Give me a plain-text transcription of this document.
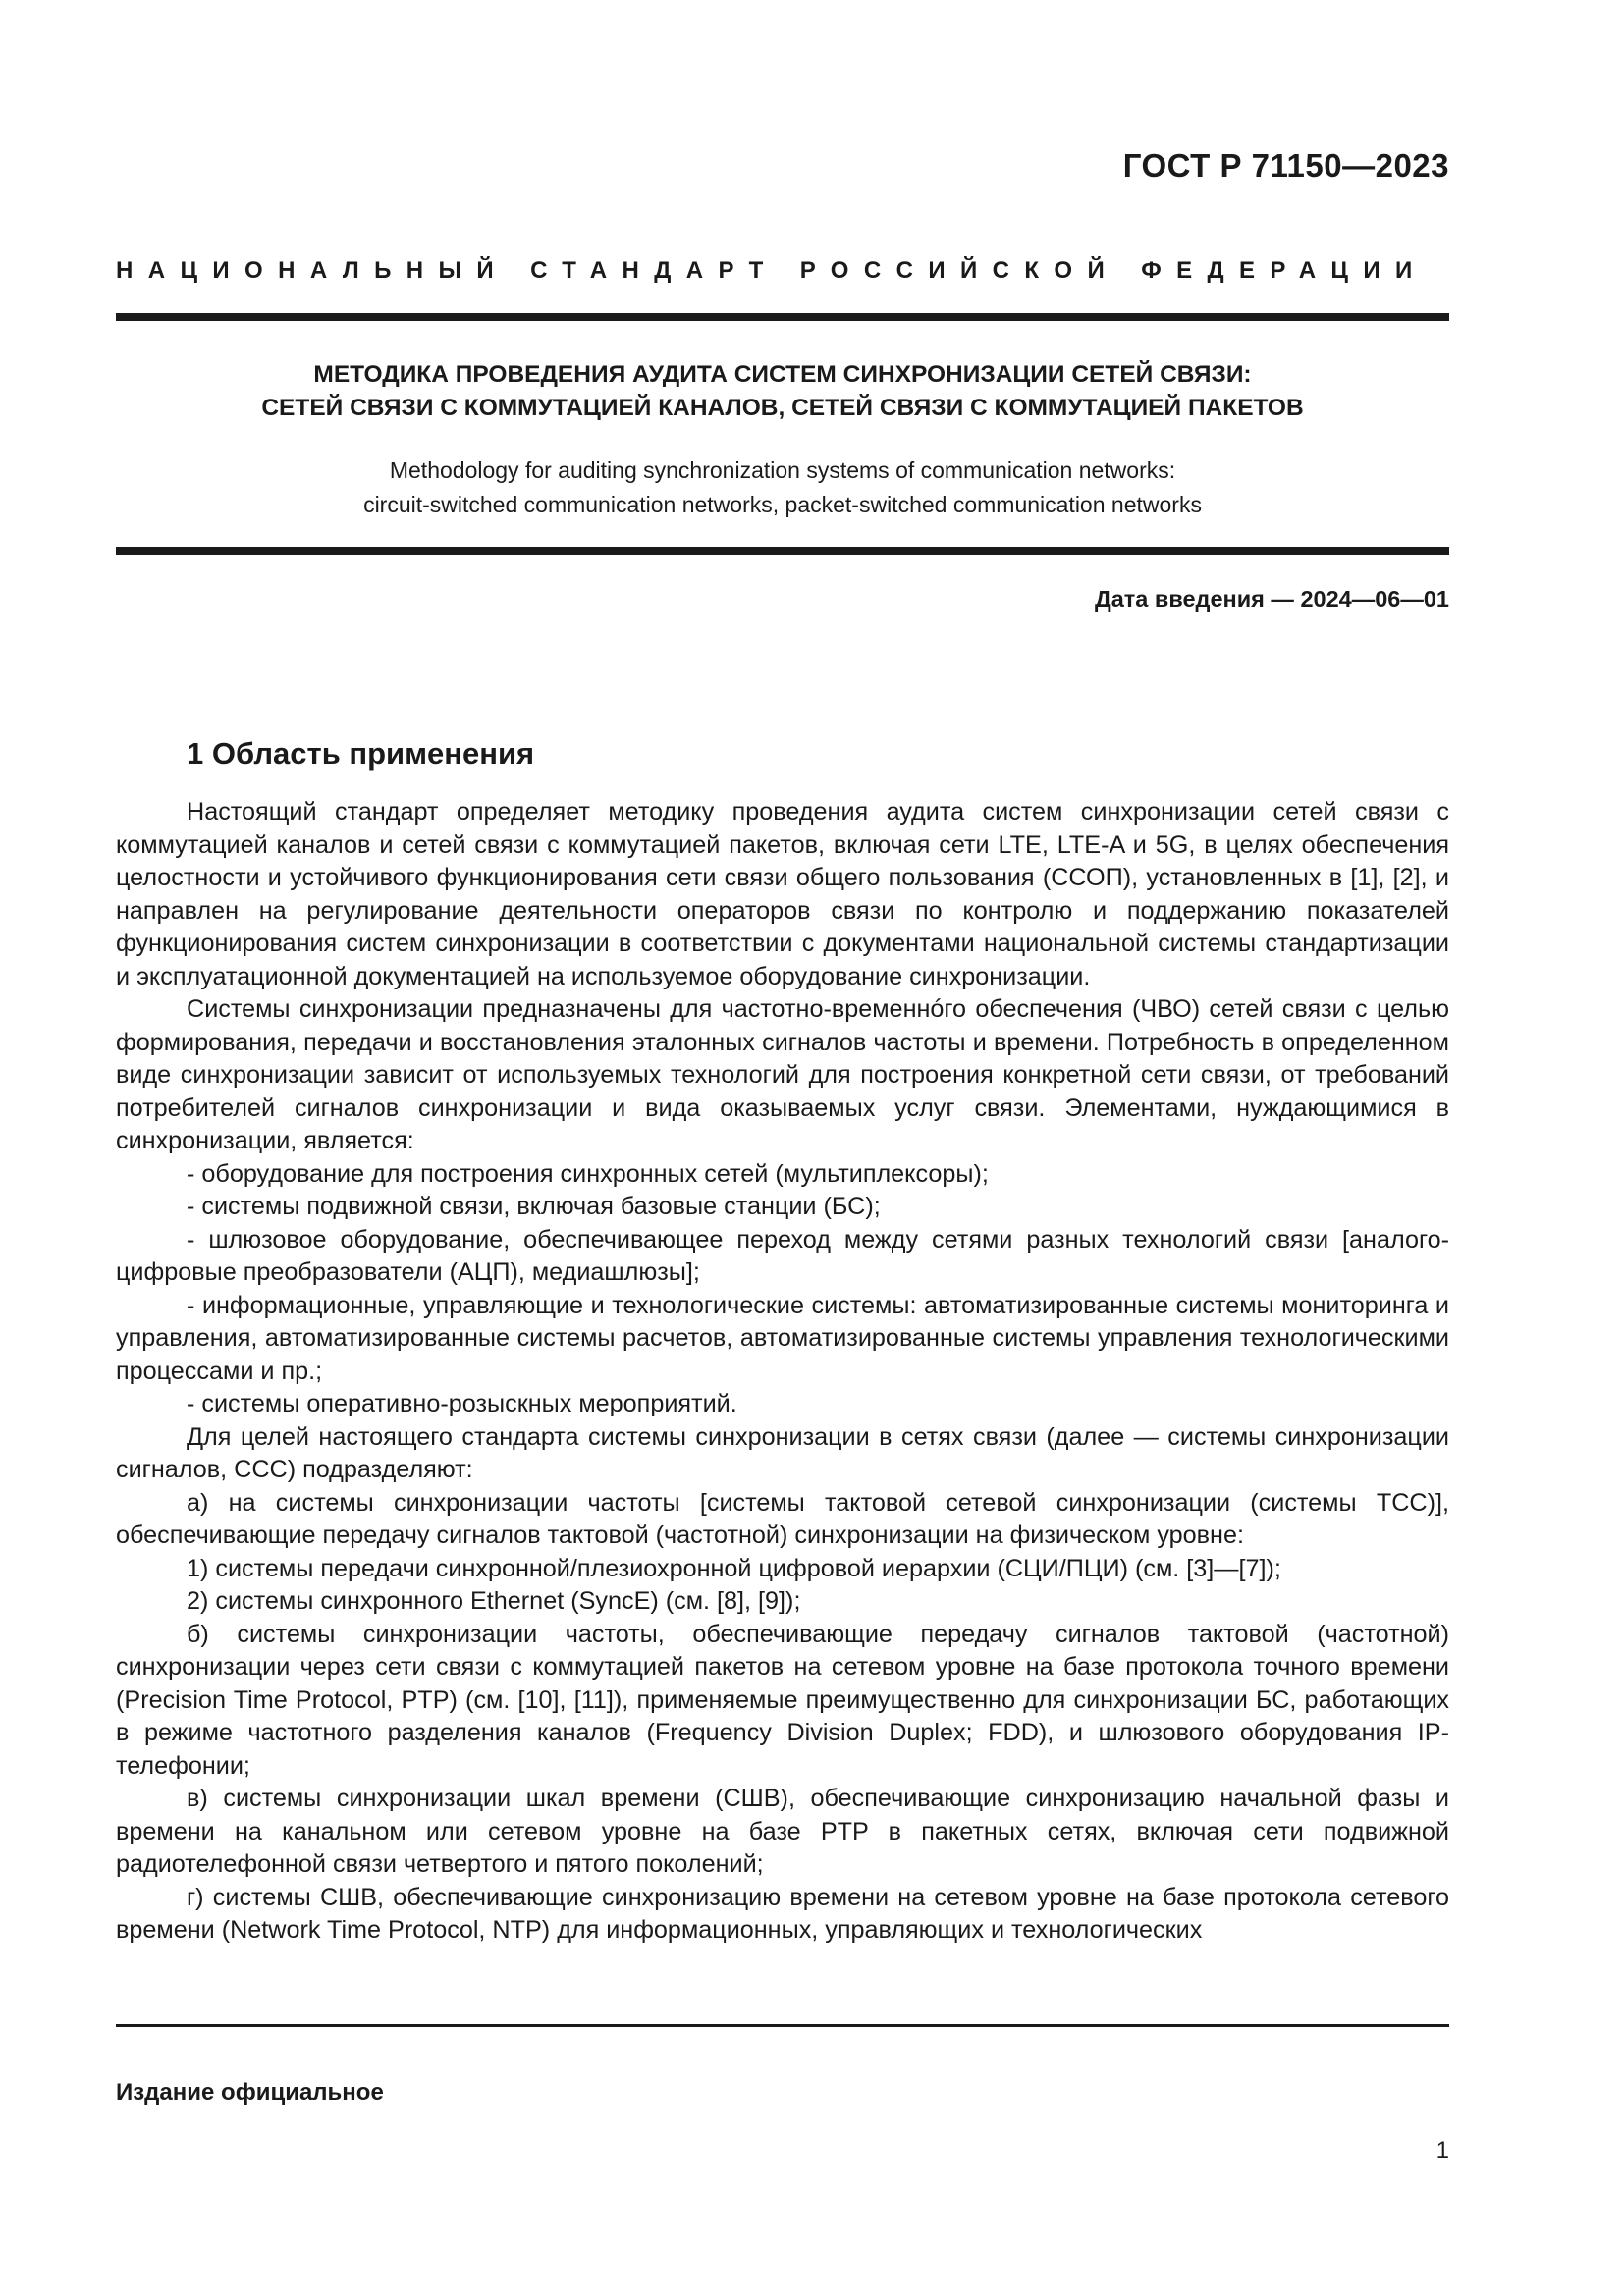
ГОСТ Р 71150—2023
НАЦИОНАЛЬНЫЙ СТАНДАРТ РОССИЙСКОЙ ФЕДЕРАЦИИ
МЕТОДИКА ПРОВЕДЕНИЯ АУДИТА СИСТЕМ СИНХРОНИЗАЦИИ СЕТЕЙ СВЯЗИ:
СЕТЕЙ СВЯЗИ С КОММУТАЦИЕЙ КАНАЛОВ, СЕТЕЙ СВЯЗИ С КОММУТАЦИЕЙ ПАКЕТОВ
Methodology for auditing synchronization systems of communication networks:
circuit-switched communication networks, packet-switched communication networks
Дата введения — 2024—06—01
1 Область применения

Настоящий стандарт определяет методику проведения аудита систем синхронизации сетей связи с коммутацией каналов и сетей связи с коммутацией пакетов, включая сети LTE, LTE-A и 5G, в целях обеспечения целостности и устойчивого функционирования сети связи общего пользования (ССОП), установленных в [1], [2], и направлен на регулирование деятельности операторов связи по контролю и поддержанию показателей функционирования систем синхронизации в соответствии с документами национальной системы стандартизации и эксплуатационной документацией на используемое оборудование синхронизации.

Системы синхронизации предназначены для частотно-временнóго обеспечения (ЧВО) сетей связи с целью формирования, передачи и восстановления эталонных сигналов частоты и времени. Потребность в определенном виде синхронизации зависит от используемых технологий для построения конкретной сети связи, от требований потребителей сигналов синхронизации и вида оказываемых услуг связи. Элементами, нуждающимися в синхронизации, является:

- оборудование для построения синхронных сетей (мультиплексоры);

- системы подвижной связи, включая базовые станции (БС);

- шлюзовое оборудование, обеспечивающее переход между сетями разных технологий связи [аналого-цифровые преобразователи (АЦП), медиашлюзы];

- информационные, управляющие и технологические системы: автоматизированные системы мониторинга и управления, автоматизированные системы расчетов, автоматизированные системы управления технологическими процессами и пр.;

- системы оперативно-розыскных мероприятий.

Для целей настоящего стандарта системы синхронизации в сетях связи (далее — системы синхронизации сигналов, ССС) подразделяют:

а) на системы синхронизации частоты [системы тактовой сетевой синхронизации (системы ТСС)], обеспечивающие передачу сигналов тактовой (частотной) синхронизации на физическом уровне:

1) системы передачи синхронной/плезиохронной цифровой иерархии (СЦИ/ПЦИ) (см. [3]—[7]);

2) системы синхронного Ethernet (SyncE) (см. [8], [9]);

б) системы синхронизации частоты, обеспечивающие передачу сигналов тактовой (частотной) синхронизации через сети связи с коммутацией пакетов на сетевом уровне на базе протокола точного времени (Precision Time Protocol, PTP) (см. [10], [11]), применяемые преимущественно для синхронизации БС, работающих в режиме частотного разделения каналов (Frequency Division Duplex; FDD), и шлюзового оборудования IP-телефонии;

в) системы синхронизации шкал времени (СШВ), обеспечивающие синхронизацию начальной фазы и времени на канальном или сетевом уровне на базе PTP в пакетных сетях, включая сети подвижной радиотелефонной связи четвертого и пятого поколений;

г) системы СШВ, обеспечивающие синхронизацию времени на сетевом уровне на базе протокола сетевого времени (Network Time Protocol, NTP) для информационных, управляющих и технологических

Издание официальное
1
